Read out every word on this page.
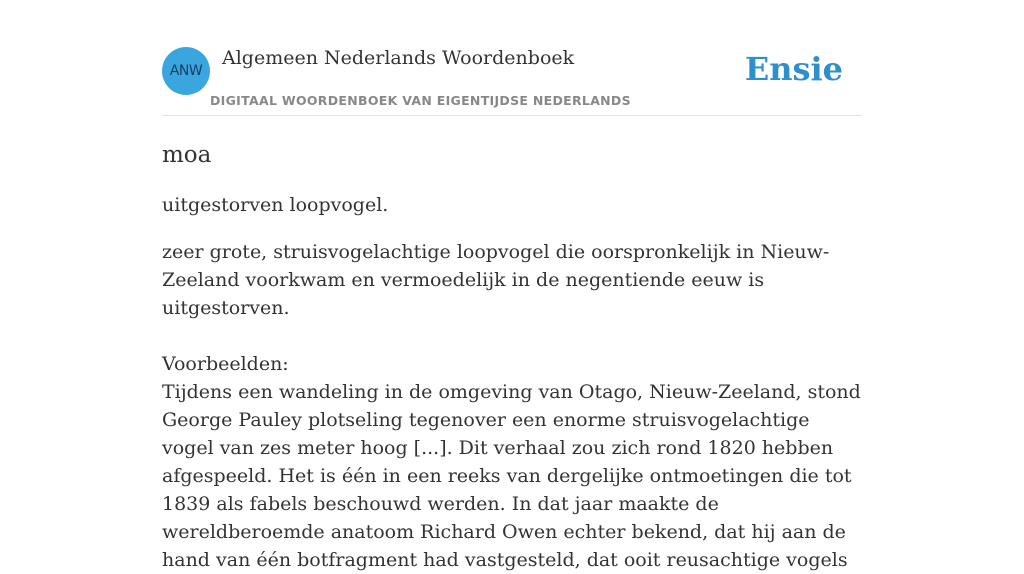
ANW
Algemeen Nederlands Woordenboek
DIGITAAL WOORDENBOEK VAN EIGENTIJDSE NEDERLANDS
Ensie
moa

uitgestorven loopvogel.

zeer grote, struisvogelachtige loopvogel die oorspronkelijk in Nieuw-Zeeland voorkwam en vermoedelijk in de negentiende eeuw is uitgestorven.

Voorbeelden:

Tijdens een wandeling in de omgeving van Otago, Nieuw-Zeeland, stond George Pauley plotseling tegenover een enorme struisvogelachtige vogel van zes meter hoog [...]. Dit verhaal zou zich rond 1820 hebben afgespeeld. Het is één in een reeks van dergelijke ontmoetingen die tot 1839 als fabels beschouwd werden. In dat jaar maakte de wereldberoemde anatoom Richard Owen echter bekend, dat hij aan de hand van één botfragment had vastgesteld, dat ooit reusachtige vogels
